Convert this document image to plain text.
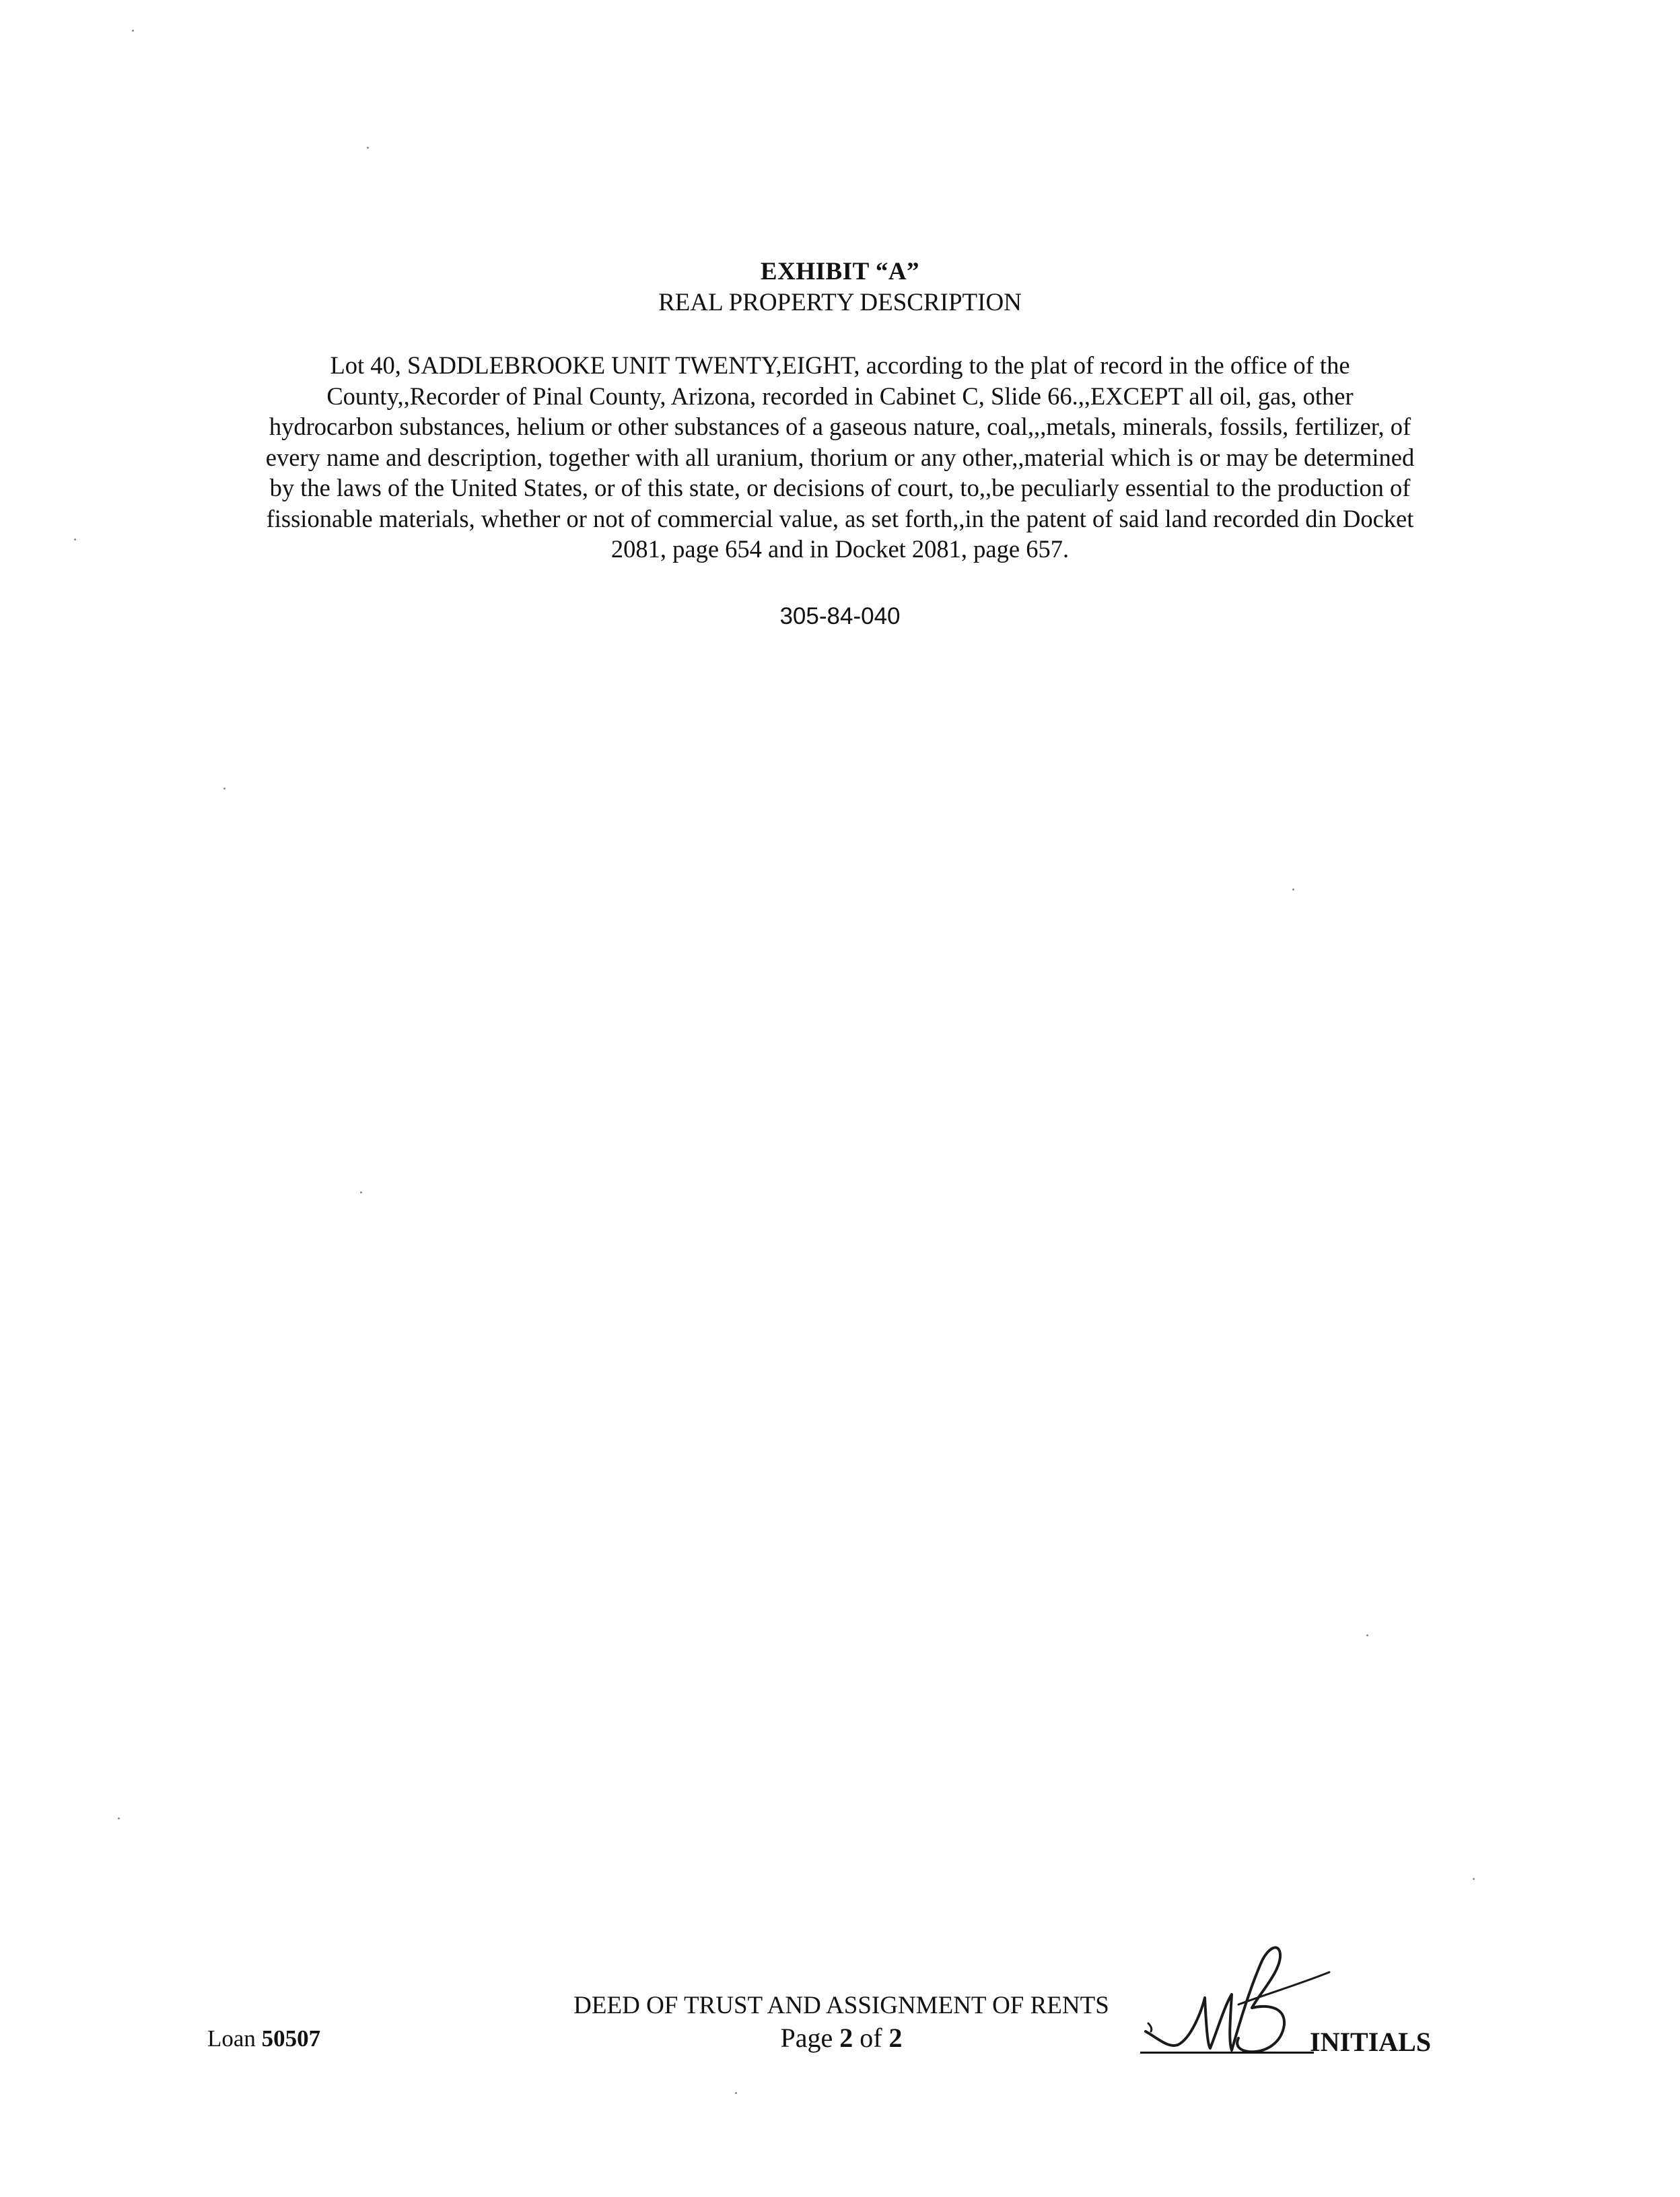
EXHIBIT “A”
REAL PROPERTY DESCRIPTION

Lot 40, SADDLEBROOKE UNIT TWENTY,EIGHT, according to the plat of record in the office of the
County,,Recorder of Pinal County, Arizona, recorded in Cabinet C, Slide 66.,,EXCEPT all oil, gas, other
hydrocarbon substances, helium or other substances of a gaseous nature, coal,,,metals, minerals, fossils, fertilizer, of
every name and description, together with all uranium, thorium or any other,,material which is or may be determined
by the laws of the United States, or of this state, or decisions of court, to,,be peculiarly essential to the production of
fissionable materials, whether or not of commercial value, as set forth,,in the patent of said land recorded din Docket
2081, page 654 and in Docket 2081, page 657.

305-84-040
Loan 50507
DEED OF TRUST AND ASSIGNMENT OF RENTS
Page 2 of 2	INITIALS
